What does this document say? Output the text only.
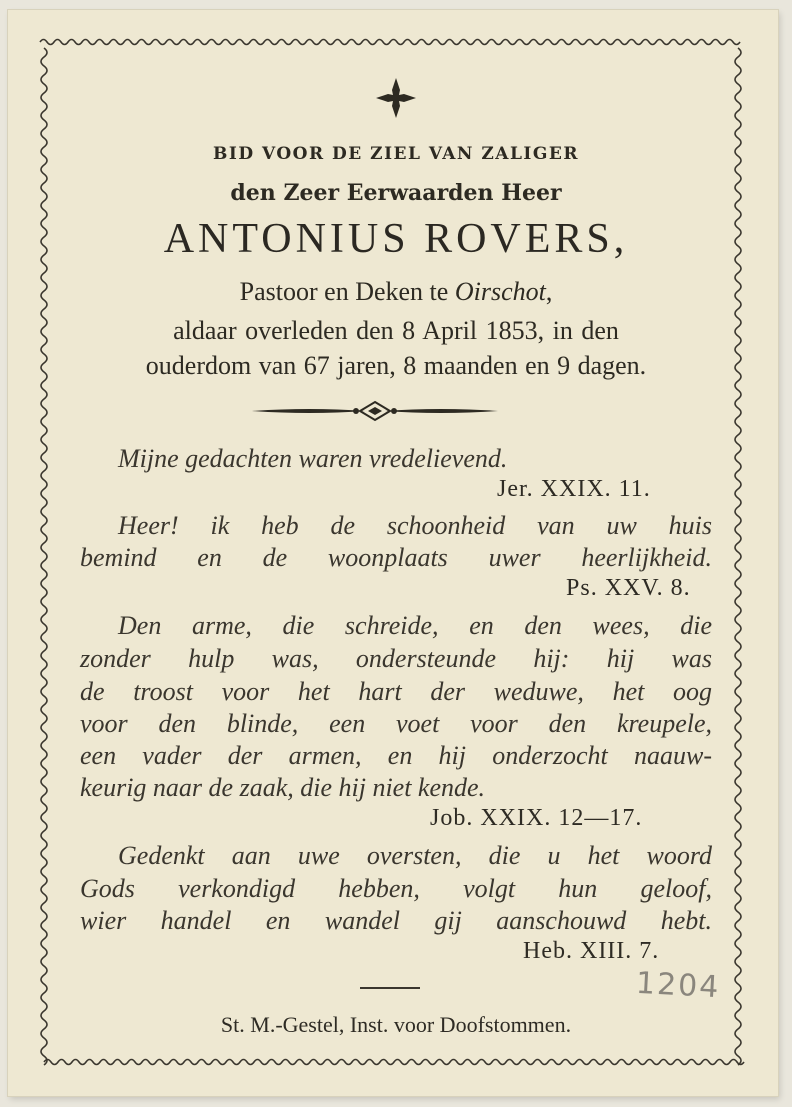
BID VOOR DE ZIEL VAN ZALIGER
den Zeer Eerwaarden Heer
ANTONIUS ROVERS,
Pastoor en Deken te Oirschot,
aldaar overleden den 8 April 1853, in den
ouderdom van 67 jaren, 8 maanden en 9 dagen.
Mijne gedachten waren vredelievend.
Jer. XXIX. 11.
Heer! ik heb de schoonheid van uw huis
bemind en de woonplaats uwer heerlijkheid.
Ps. XXV. 8.
Den arme, die schreide, en den wees, die
zonder hulp was, ondersteunde hij: hij was
de troost voor het hart der weduwe, het oog
voor den blinde, een voet voor den kreupele,
een vader der armen, en hij onderzocht naauw-
keurig naar de zaak, die hij niet kende.
Job. XXIX. 12—17.
Gedenkt aan uwe oversten, die u het woord
Gods verkondigd hebben, volgt hun geloof,
wier handel en wandel gij aanschouwd hebt.
Heb. XIII. 7.
1204
St. M.-Gestel, Inst. voor Doofstommen.
